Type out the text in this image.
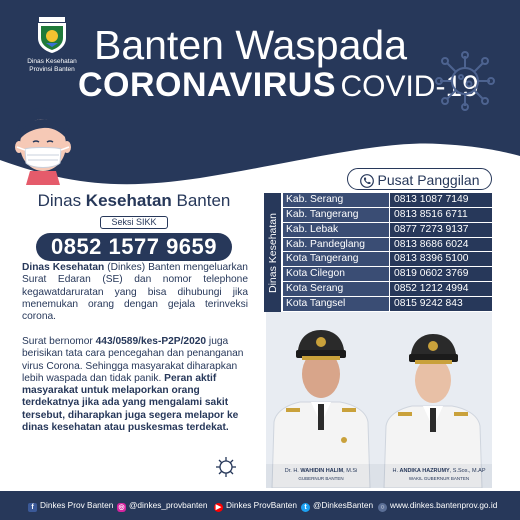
Dinas Kesehatan
Provinsi Banten
Banten Waspada
CORONAVIRUS COVID-19
Dinas Kesehatan Banten
Seksi SIKK
0852 1577 9659
Dinas Kesehatan (Dinkes) Banten mengeluarkan Surat Edaran (SE) dan nomor telephone kegawatdaruratan yang bisa dihubungi jika menemukan orang dengan gejala terinveksi corona.
Surat bernomor 443/0589/kes-P2P/2020 juga berisikan tata cara pencegahan dan penanganan virus Corona. Sehingga masyarakat diharapkan lebih waspada dan tidak panik. Peran aktif masyarakat untuk melaporkan orang terdekatnya jika ada yang mengalami sakit tersebut, diharapkan juga segera melapor ke dinas kesehatan atau puskesmas terdekat.
Pusat Panggilan
Dinas Kesehatan
Kab. Serang	0813 1087 7149
Kab. Tangerang	0813 8516 6711
Kab. Lebak	0877 7273 9137
Kab. Pandeglang	0813 8686 6024
Kota Tangerang	0813 8396 5100
Kota Cilegon	0819 0602 3769
Kota Serang	0852 1212 4994
Kota Tangsel	0815 9242 843
Dr. H. WAHIDIN HALIM, M.Si
GUBERNUR BANTEN
H. ANDIKA HAZRUMY, S.Sos., M.AP
WAKIL GUBERNUR BANTEN
f Dinkes Prov Banten ◎ @dinkes_provbanten ▶ Dinkes ProvBanten	t @DinkesBanten	○ www.dinkes.bantenprov.go.id
